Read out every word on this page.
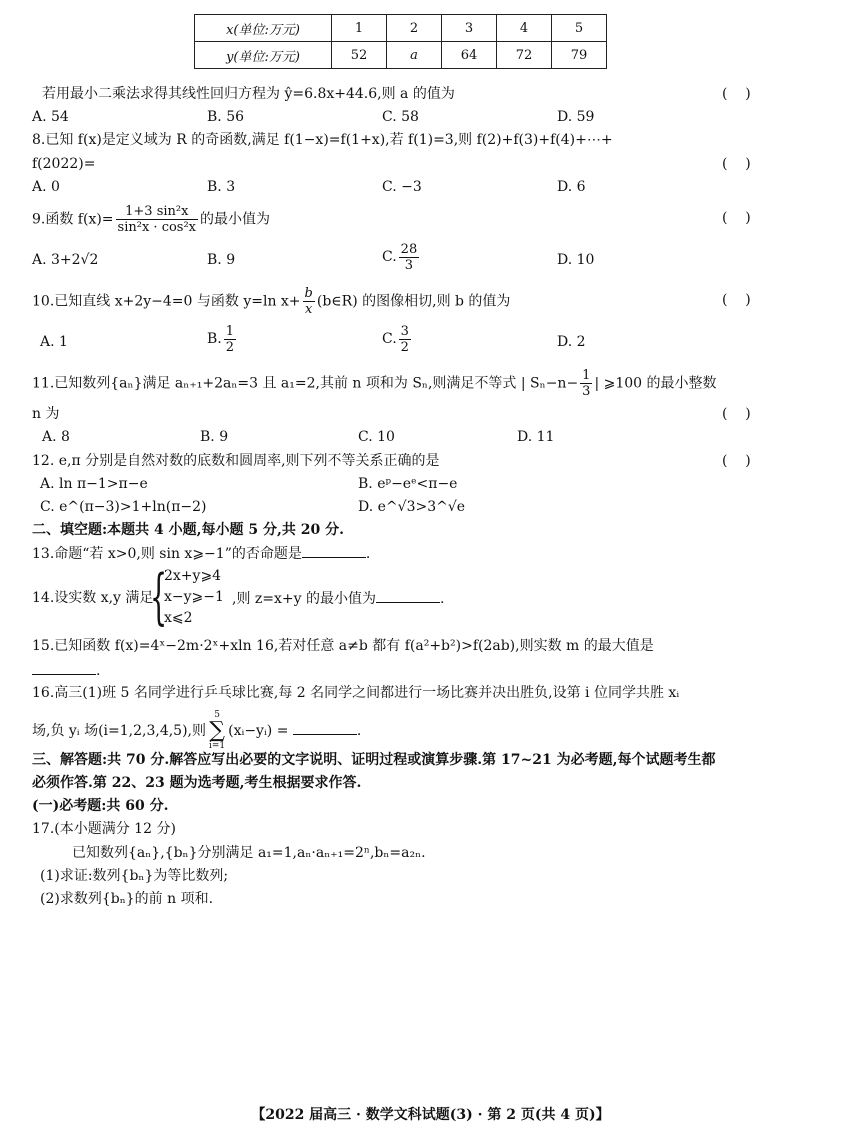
x(单位:万元)	1	2	3	4	5
y(单位:万元)	52	a	64	72	79
若用最小二乘法求得其线性回归方程为 ŷ=6.8x+44.6,则 a 的值为	(    )
A. 54	B. 56	C. 58	D. 59
8.已知 f(x)是定义域为 R 的奇函数,满足 f(1−x)=f(1+x),若 f(1)=3,则 f(2)+f(3)+f(4)+⋯+
f(2022)=	(    )
A. 0	B. 3	C. −3	D. 6
9.函数 $f(x)= \frac{\text{1+3 sin²x}}{\text{sin²x · cos²x}}$ 的最小值为	(    )
A. 3+2√2	B. 9	C. $\frac{28}{3}$	D. 10
10.已知直线 x+2y−4=0 与函数 y=ln $x+ \frac{b}{x}$ (b∈R) 的图像相切,则 b 的值为	(    )
A. 1	B. $\frac{1}{2}$	C. $\frac{3}{2}$	D. 2
11.已知数列{aₙ}满足 aₙ₊₁+2aₙ=3 且 a₁=2,其前 n 项和为 Sₙ,则满足不等式 | $S_n-n- \frac{1}{3}$ | ⩾100 的最小整数
n 为	(    )
A. 8	B. 9	C. 10	D. 11
12. e,π 分别是自然对数的底数和圆周率,则下列不等关系正确的是	(    )
A. ln π−1>π−e	B. eᵖ−eᵉ<π−e
C. e^(π−3)>1+ln(π−2)	D. e^√3>3^√e
二、填空题:本题共 4 小题,每小题 5 分,共 20 分.
13.命题“若 x>0,则 sin x⩾−1”的否命题是	.
14.设实数 x,y 满足
{
2x+y⩾4
x−y⩾−1
x⩽2
,则 z=x+y 的最小值为	.
15.已知函数 f(x)=4ˣ−2m·2ˣ+xln 16,若对任意 a≠b 都有 f(a²+b²)>f(2ab),则实数 m 的最大值是
.
16.高三(1)班 5 名同学进行乒乓球比赛,每 2 名同学之间都进行一场比赛并决出胜负,设第 i 位同学共胜 xᵢ
场,负 yᵢ 场(i=1,2,3,4,5),则
5
∑
i=1
(xᵢ−yᵢ) =	.
三、解答题:共 70 分.解答应写出必要的文字说明、证明过程或演算步骤.第 17~21 为必考题,每个试题考生都
必须作答.第 22、23 题为选考题,考生根据要求作答.
(一)必考题:共 60 分.
17.(本小题满分 12 分)
已知数列{aₙ},{bₙ}分别满足 a₁=1,aₙ·aₙ₊₁=2ⁿ,bₙ=a₂ₙ.
(1)求证:数列{bₙ}为等比数列;
(2)求数列{bₙ}的前 n 项和.
【2022 届高三 · 数学文科试题(3) · 第 2 页(共 4 页)】
